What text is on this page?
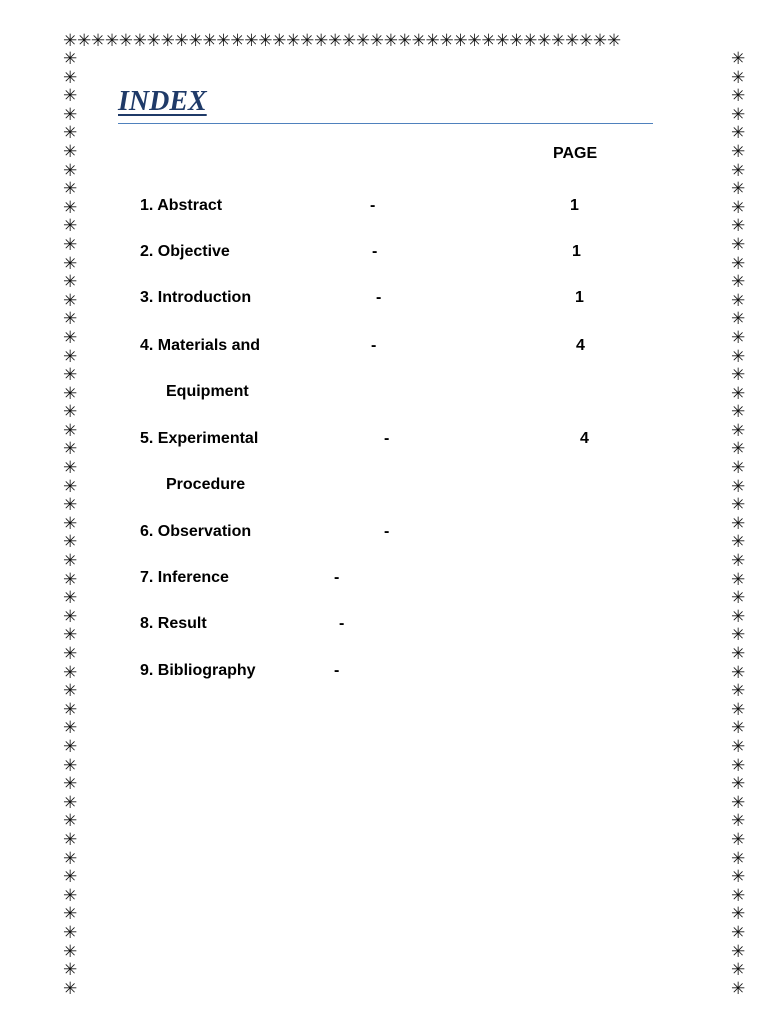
✳✳✳✳✳✳✳✳✳✳✳✳✳✳✳✳✳✳✳✳✳✳✳✳✳✳✳✳✳✳✳✳✳✳✳✳✳✳✳✳
✳
✳
✳
✳
✳
✳
✳
✳
✳
✳
✳
✳
✳
✳
✳
✳
✳
✳
✳
✳
✳
✳
✳
✳
✳
✳
✳
✳
✳
✳
✳
✳
✳
✳
✳
✳
✳
✳
✳
✳
✳
✳
✳
✳
✳
✳
✳
✳
✳
✳
✳
✳
✳
✳
✳
✳
✳
✳
✳
✳
✳
✳
✳
✳
✳
✳
✳
✳
✳
✳
✳
✳
✳
✳
✳
✳
✳
✳
✳
✳
✳
✳
✳
✳
✳
✳
✳
✳
✳
✳
✳
✳
✳
✳
✳
✳
✳
✳
✳
✳
✳
✳
INDEX
PAGE
1. Abstract	-	1
2. Objective	-	1
3. Introduction	-	1
4. Materials and	-	4
Equipment
5. Experimental	-	4
Procedure
6. Observation	-
7. Inference	-
8. Result	-
9. Bibliography	-
